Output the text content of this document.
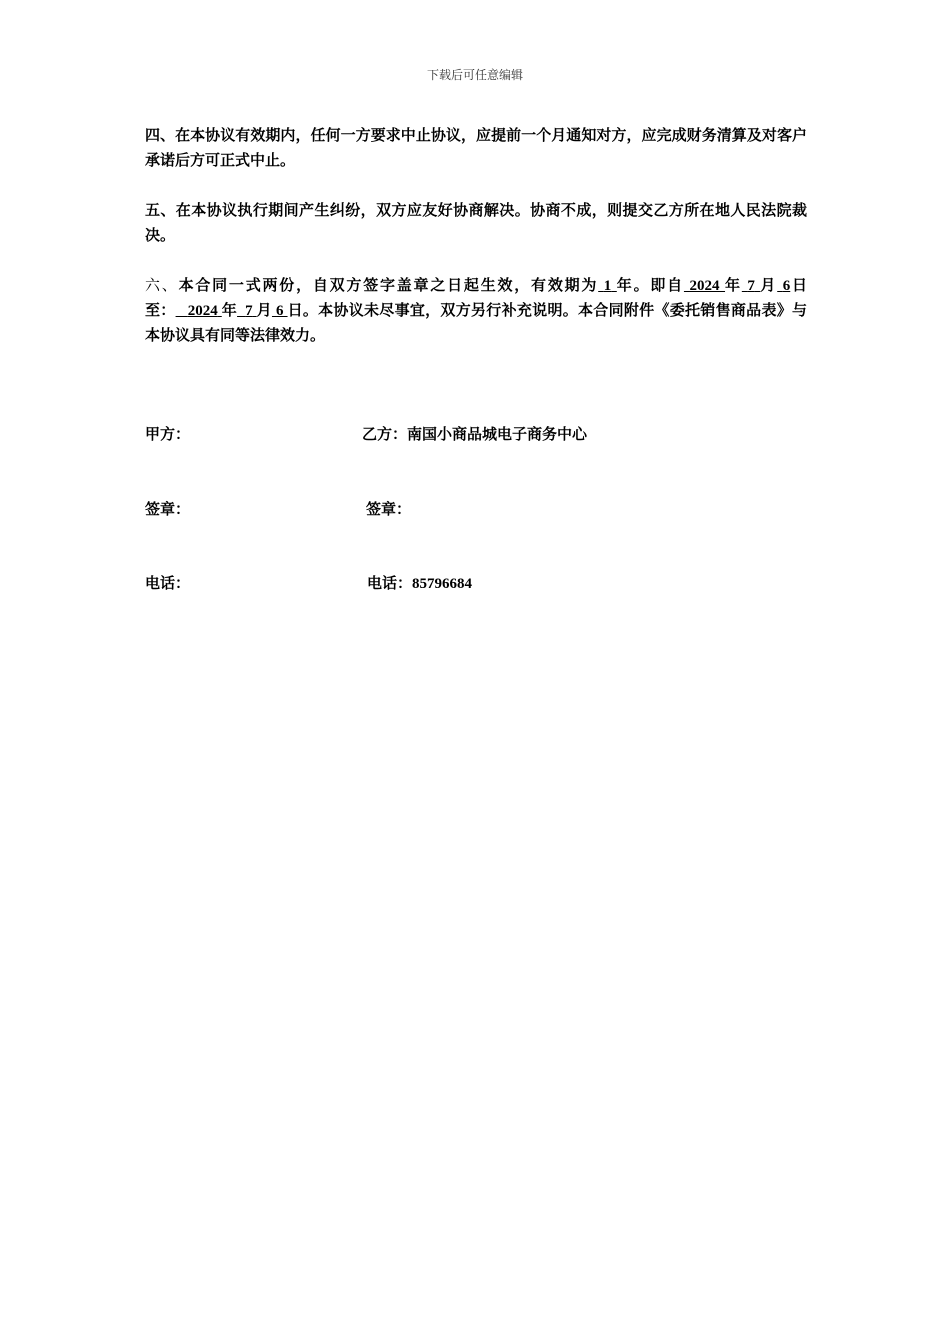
下载后可任意编辑

四、在本协议有效期内，任何一方要求中止协议，应提前一个月通知对方，应完成财务清算及对客户承诺后方可正式中止。

五、在本协议执行期间产生纠纷，双方应友好协商解决。协商不成，则提交乙方所在地人民法院裁决。

六、本合同一式两份，自双方签字盖章之日起生效，有效期为 1 年。即自 2024 年 7 月 6日至： 2024 年 7 月 6 日。本协议未尽事宜，双方另行补充说明。本合同附件《委托销售商品表》与本协议具有同等法律效力。

甲方：	乙方：南国小商品城电子商务中心
签章：	签章：
电话：	电话：85796684
